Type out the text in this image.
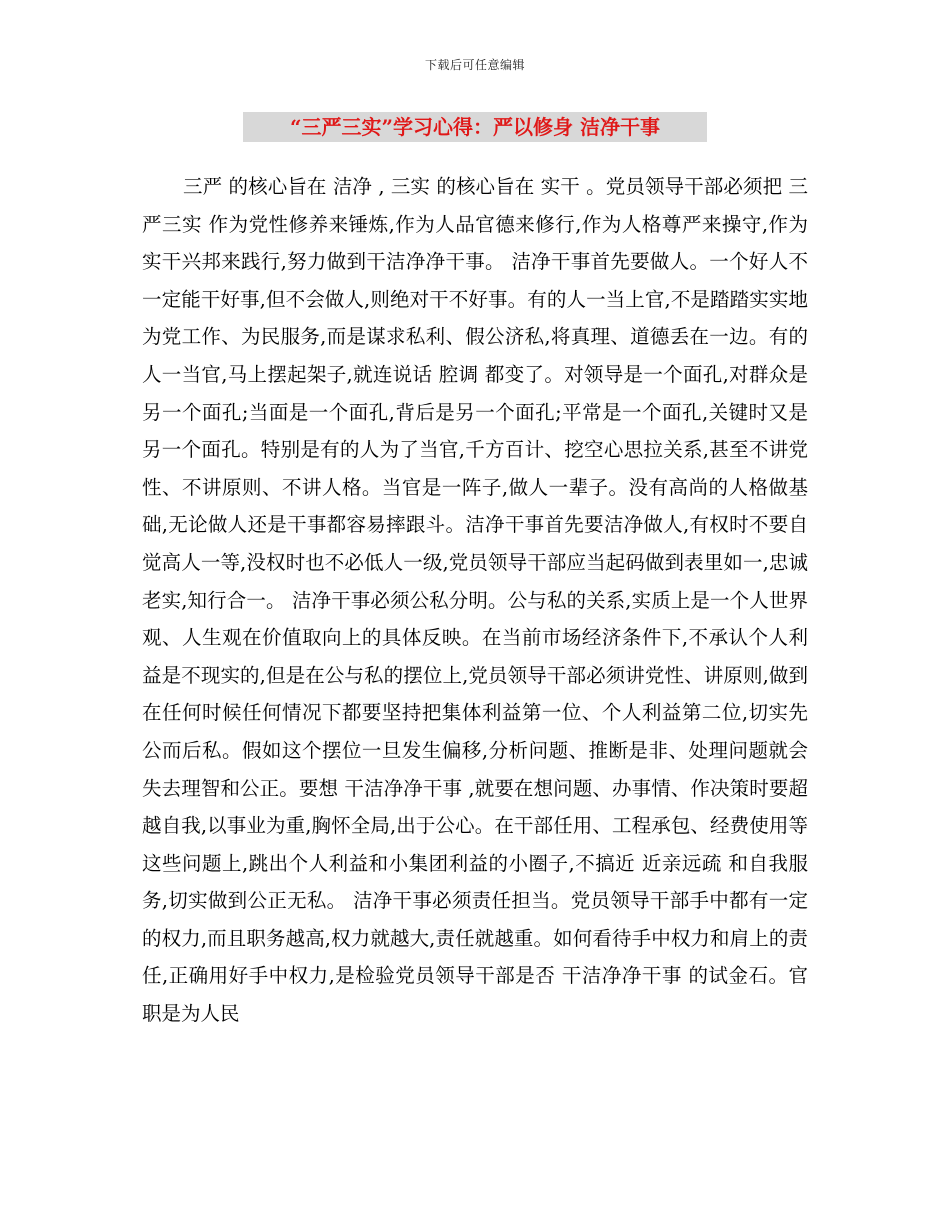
下载后可任意编辑
“三严三实”学习心得：严以修身 洁净干事

三严 的核心旨在 洁净 , 三实 的核心旨在 实干 。党员领导干部必须把 三严三实 作为党性修养来锤炼,作为人品官德来修行,作为人格尊严来操守,作为实干兴邦来践行,努力做到干洁净净干事。 洁净干事首先要做人。一个好人不一定能干好事,但不会做人,则绝对干不好事。有的人一当上官,不是踏踏实实地为党工作、为民服务,而是谋求私利、假公济私,将真理、道德丢在一边。有的人一当官,马上摆起架子,就连说话 腔调 都变了。对领导是一个面孔,对群众是另一个面孔;当面是一个面孔,背后是另一个面孔;平常是一个面孔,关键时又是另一个面孔。特别是有的人为了当官,千方百计、挖空心思拉关系,甚至不讲党性、不讲原则、不讲人格。当官是一阵子,做人一辈子。没有高尚的人格做基础,无论做人还是干事都容易摔跟斗。洁净干事首先要洁净做人,有权时不要自觉高人一等,没权时也不必低人一级,党员领导干部应当起码做到表里如一,忠诚老实,知行合一。 洁净干事必须公私分明。公与私的关系,实质上是一个人世界观、人生观在价值取向上的具体反映。在当前市场经济条件下,不承认个人利益是不现实的,但是在公与私的摆位上,党员领导干部必须讲党性、讲原则,做到在任何时候任何情况下都要坚持把集体利益第一位、个人利益第二位,切实先公而后私。假如这个摆位一旦发生偏移,分析问题、推断是非、处理问题就会失去理智和公正。要想 干洁净净干事 ,就要在想问题、办事情、作决策时要超越自我,以事业为重,胸怀全局,出于公心。在干部任用、工程承包、经费使用等这些问题上,跳出个人利益和小集团利益的小圈子,不搞近 近亲远疏 和自我服务,切实做到公正无私。 洁净干事必须责任担当。党员领导干部手中都有一定的权力,而且职务越高,权力就越大,责任就越重。如何看待手中权力和肩上的责任,正确用好手中权力,是检验党员领导干部是否 干洁净净干事 的试金石。官职是为人民
